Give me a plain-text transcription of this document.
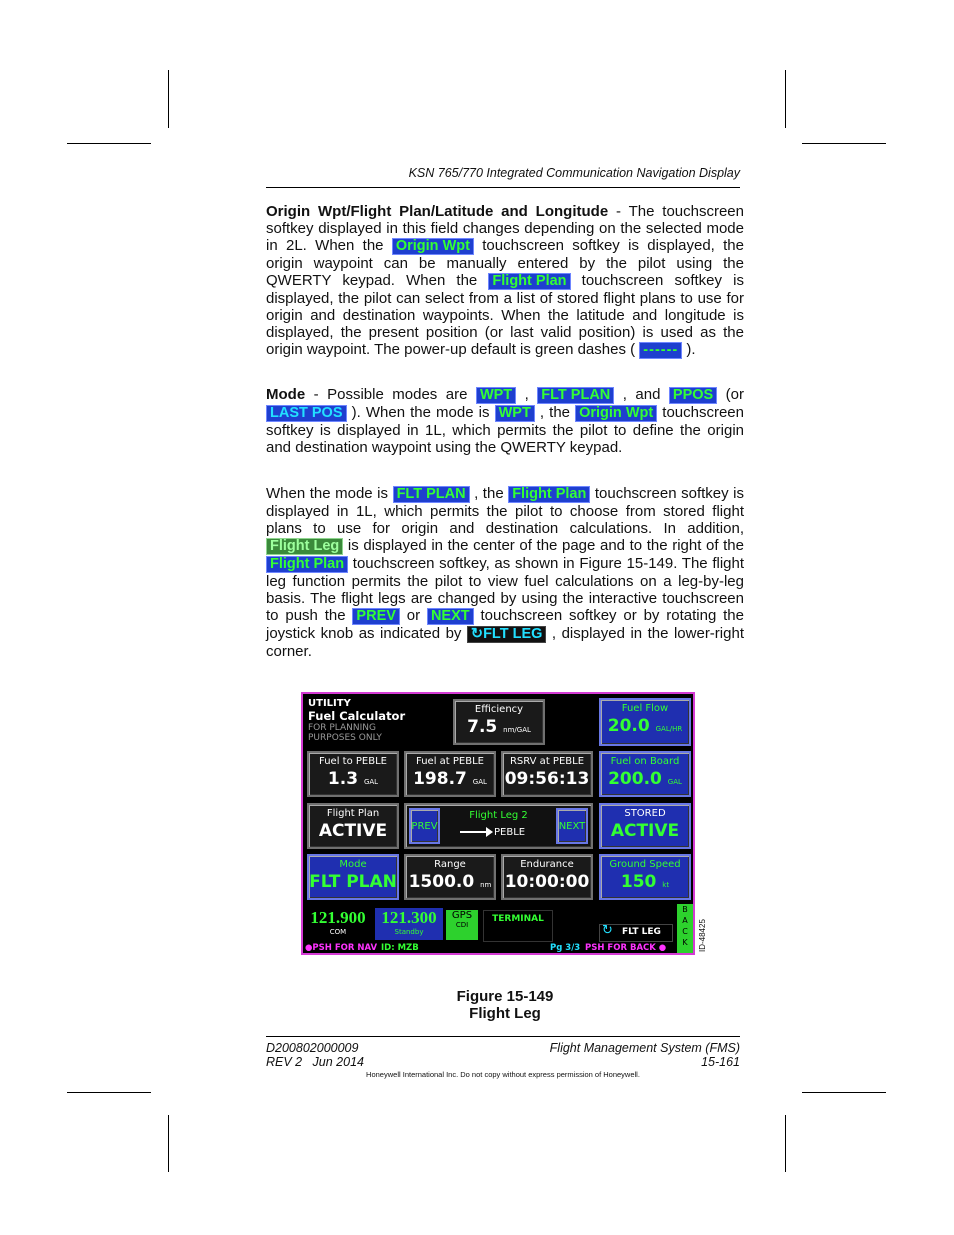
KSN 765/770 Integrated Communication Navigation Display
Origin Wpt/Flight Plan/Latitude and Longitude - The touchscreen softkey displayed in this field changes depending on the selected mode in 2L. When the Origin Wpt touchscreen softkey is displayed, the origin waypoint can be manually entered by the pilot using the QWERTY keypad. When the Flight Plan touchscreen softkey is displayed, the pilot can select from a list of stored flight plans to use for origin and destination waypoints. When the latitude and longitude is displayed, the present position (or last valid position) is used as the origin waypoint. The power-up default is green dashes ( ------ ).
Mode - Possible modes are WPT , FLT PLAN , and PPOS (or LAST POS ). When the mode is WPT , the Origin Wpt touchscreen softkey is displayed in 1L, which permits the pilot to define the origin and destination waypoint using the QWERTY keypad.
When the mode is FLT PLAN , the Flight Plan touchscreen softkey is displayed in 1L, which permits the pilot to choose from stored flight plans to use for origin and destination calculations. In addition, Flight Leg is displayed in the center of the page and to the right of the Flight Plan touchscreen softkey, as shown in Figure 15-149. The flight leg function permits the pilot to view fuel calculations on a leg-by-leg basis. The flight legs are changed by using the interactive touchscreen to push the PREV or NEXT touchscreen softkey or by rotating the joystick knob as indicated by ↻FLT LEG , displayed in the lower-right corner.
UTILITY
Fuel Calculator
FOR PLANNING
PURPOSES ONLY
Efficiency
7.5 nm/GAL
Fuel Flow
20.0 GAL/HR
Fuel to PEBLE
1.3 GAL
Fuel at PEBLE
198.7 GAL
RSRV at PEBLE
09:56:13
Fuel on Board
200.0 GAL
Flight Plan
ACTIVE	PREV
Flight Leg 2
PEBLE
NEXT
STORED
ACTIVE
Mode
FLT PLAN
Range
1500.0 nm
Endurance
10:00:00
Ground Speed
150 kt
121.900
COM
121.300
Standby
GPS
CDI
TERMINAL
↻ FLT LEG
B
A
C
K
●PSH FOR NAV ID: MZB	Pg 3/3 PSH FOR BACK ●	ID-48425
Figure 15-149
Flight Leg
D200802000009
REV 2   Jun 2014
Flight Management System (FMS)
15-161
Honeywell International Inc. Do not copy without express permission of Honeywell.
